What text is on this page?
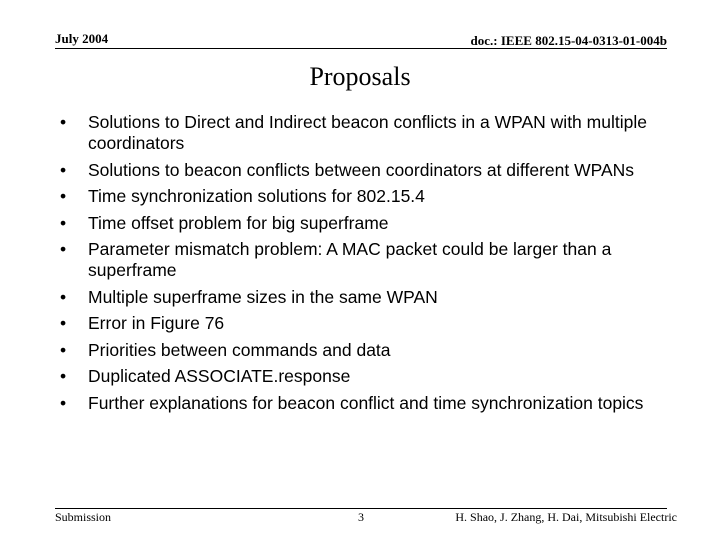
July 2004	doc.: IEEE 802.15-04-0313-01-004b
Proposals
• Solutions to Direct and Indirect beacon conflicts in a WPAN with multiple coordinators
• Solutions to beacon conflicts between coordinators at different WPANs
• Time synchronization solutions for 802.15.4
• Time offset problem for big superframe
• Parameter mismatch problem: A MAC packet could be larger than a superframe
• Multiple superframe sizes in the same WPAN
• Error in Figure 76
• Priorities between commands and data
• Duplicated ASSOCIATE.response
• Further explanations for beacon conflict and time synchronization topics
Submission	3	H. Shao, J. Zhang, H. Dai, Mitsubishi Electric
